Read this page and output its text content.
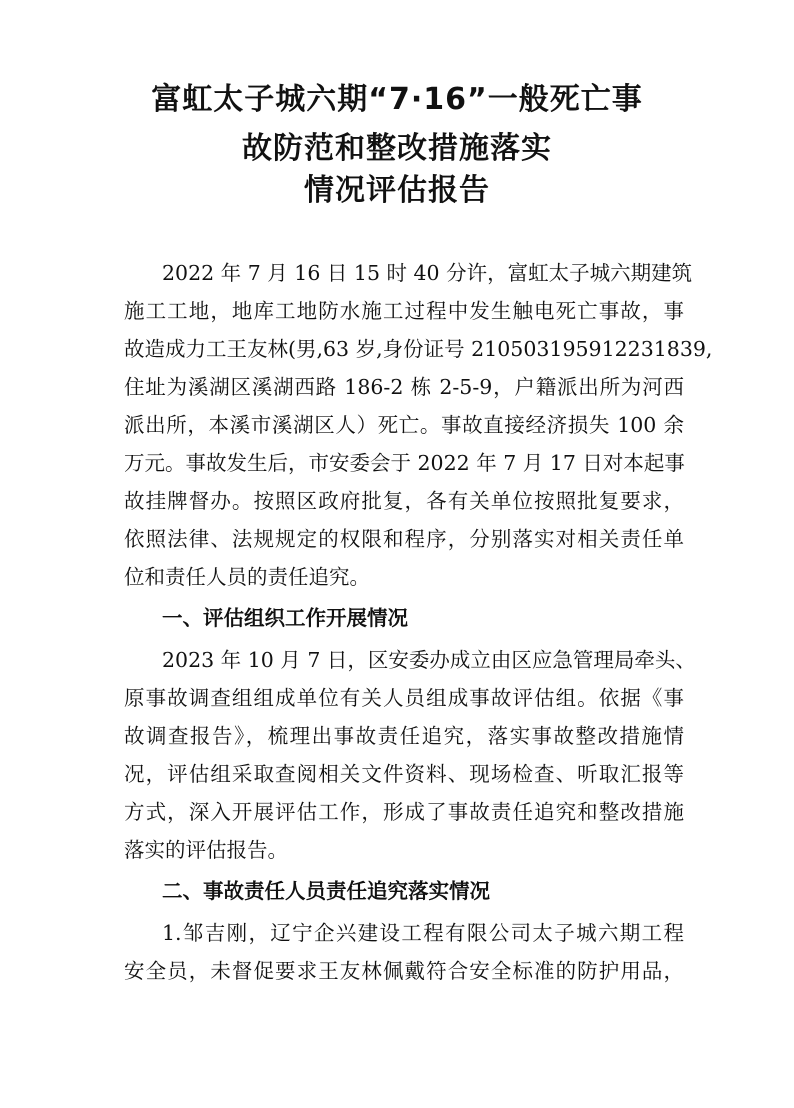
富虹太子城六期“7·16”一般死亡事
故防范和整改措施落实
情况评估报告
2022 年 7 月 16 日 15 时 40 分许，富虹太子城六期建筑
施工工地，地库工地防水施工过程中发生触电死亡事故，事
故造成力工王友林(男,63 岁,身份证号 210503195912231839,
住址为溪湖区溪湖西路 186-2 栋 2-5-9，户籍派出所为河西
派出所，本溪市溪湖区人）死亡。事故直接经济损失 100 余
万元。事故发生后，市安委会于 2022 年 7 月 17 日对本起事
故挂牌督办。按照区政府批复，各有关单位按照批复要求，
依照法律、法规规定的权限和程序，分别落实对相关责任单
位和责任人员的责任追究。
一、评估组织工作开展情况
2023 年 10 月 7 日，区安委办成立由区应急管理局牵头、
原事故调查组组成单位有关人员组成事故评估组。依据《事
故调查报告》，梳理出事故责任追究，落实事故整改措施情
况，评估组采取查阅相关文件资料、现场检查、听取汇报等
方式，深入开展评估工作，形成了事故责任追究和整改措施
落实的评估报告。
二、事故责任人员责任追究落实情况
1.邹吉刚，辽宁企兴建设工程有限公司太子城六期工程
安全员，未督促要求王友林佩戴符合安全标准的防护用品，
